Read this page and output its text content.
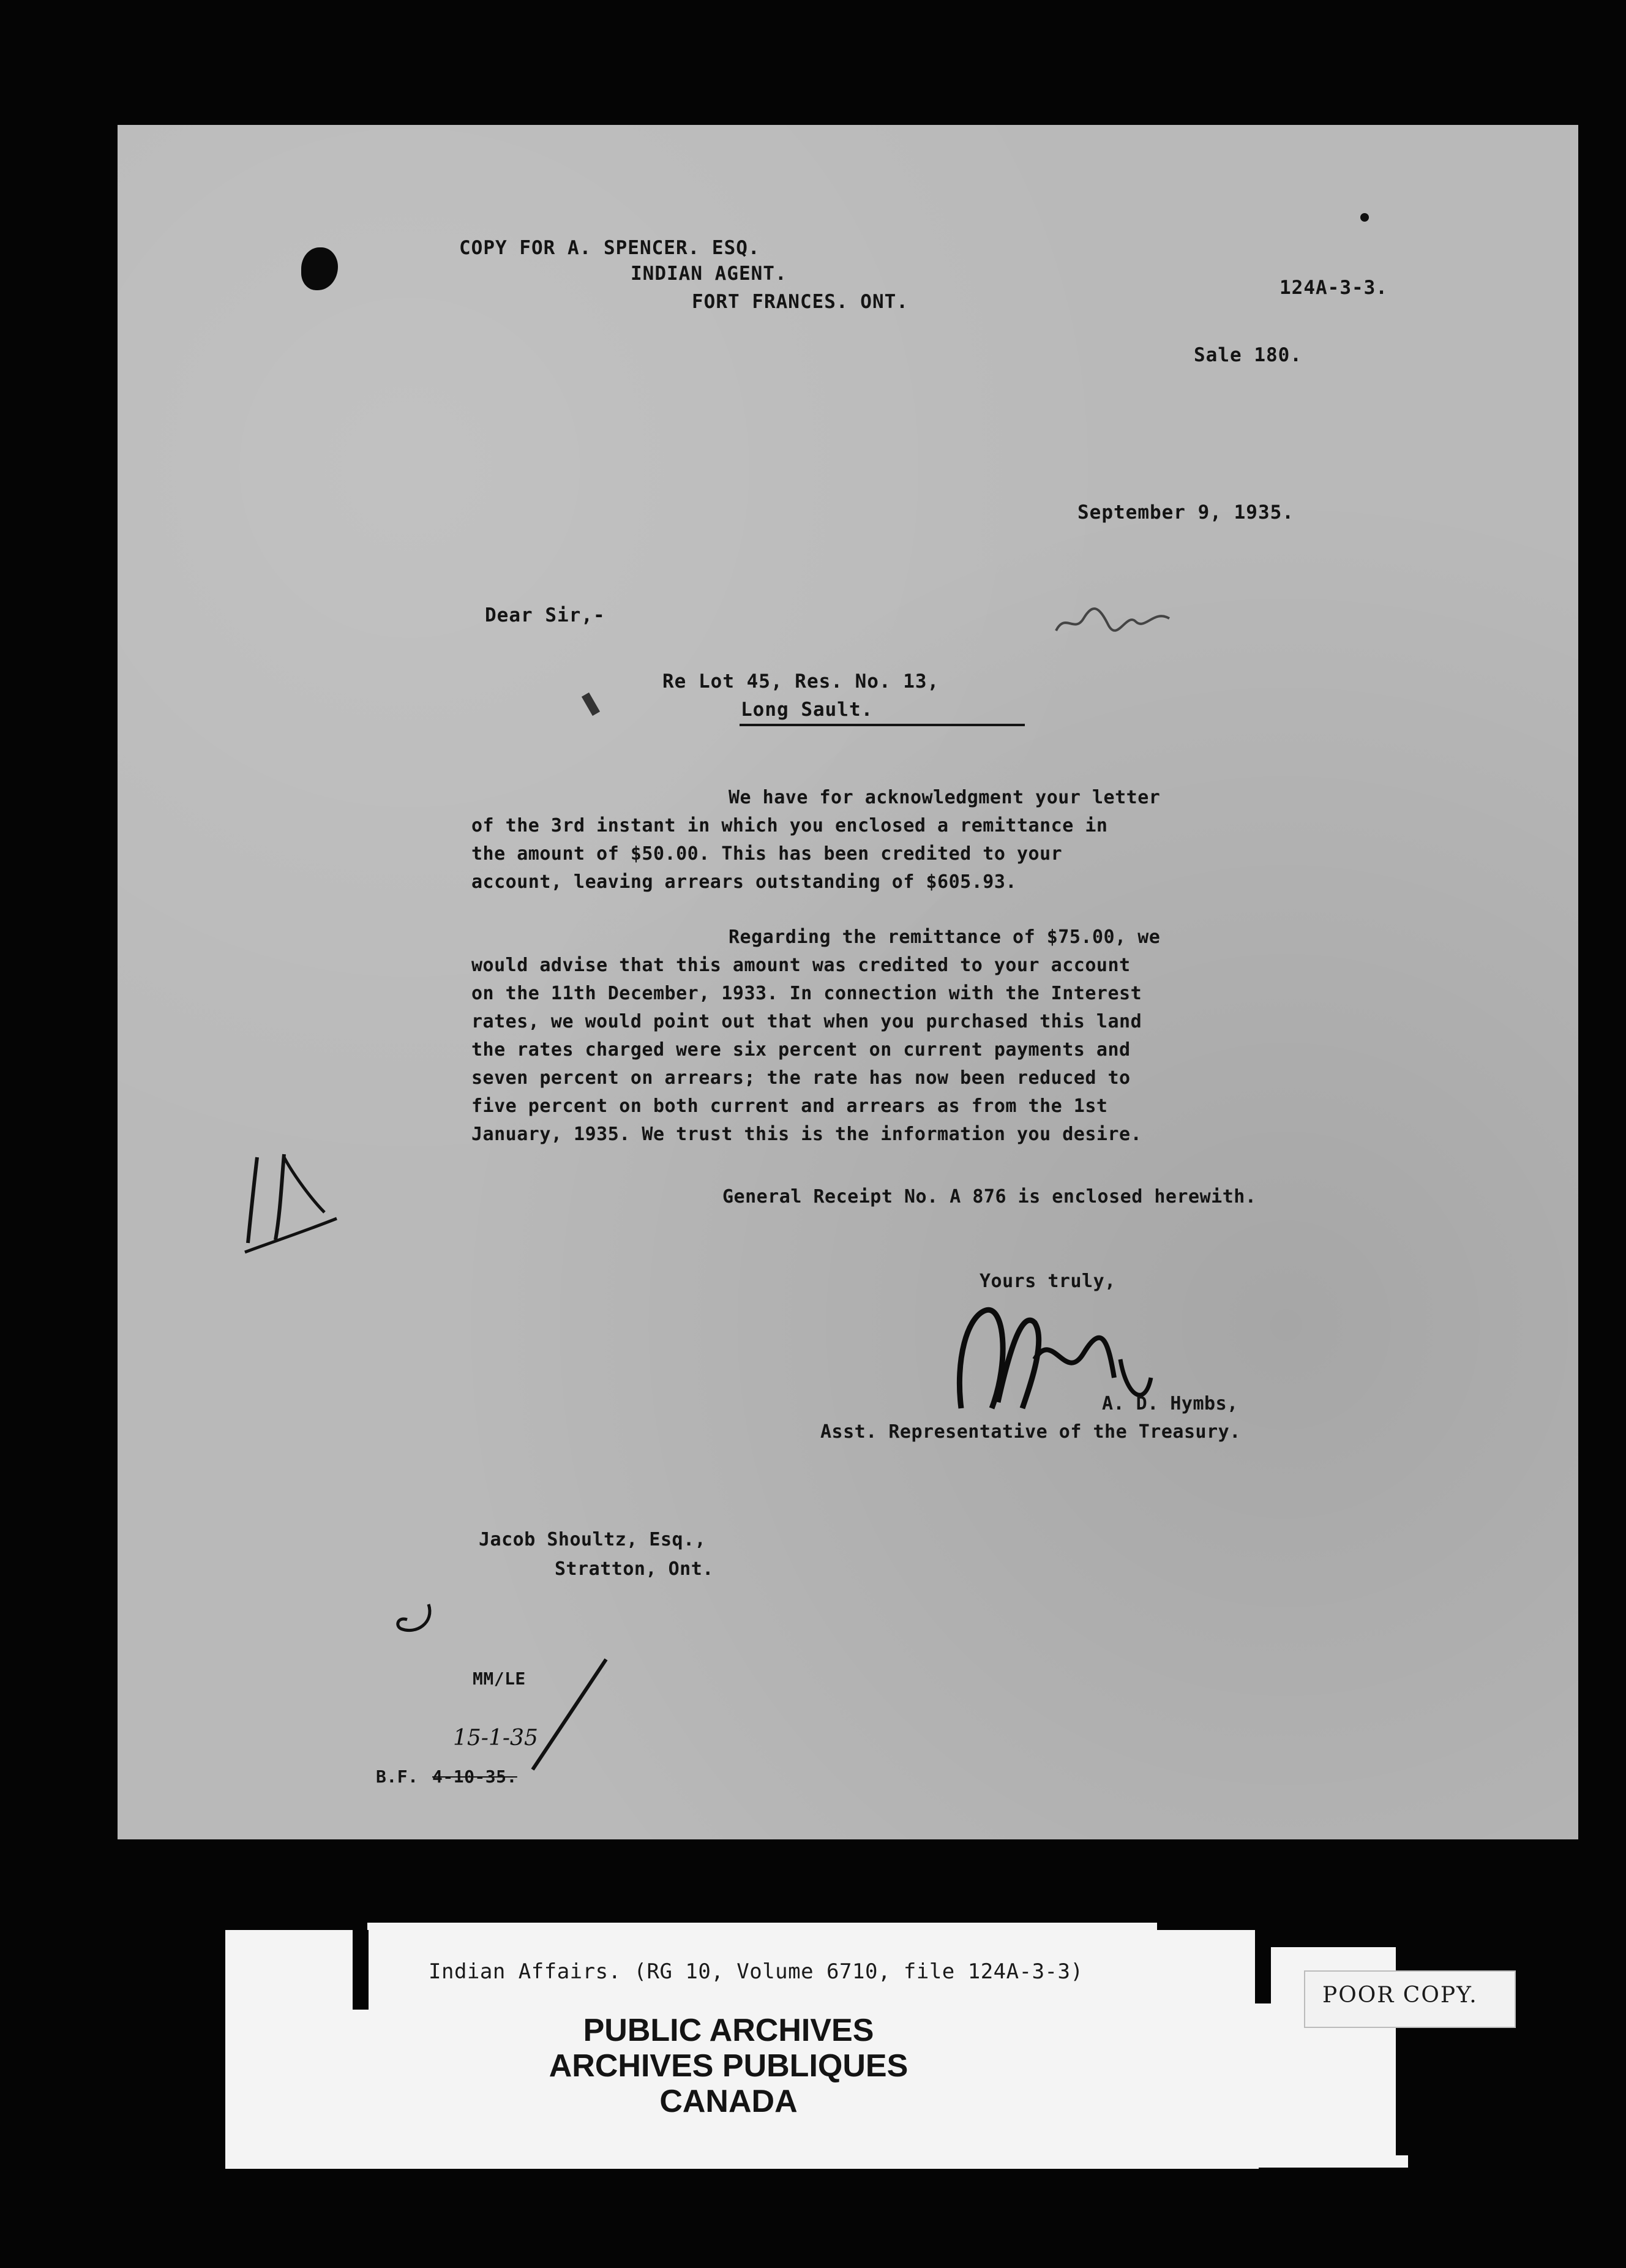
COPY FOR A. SPENCER. ESQ.
INDIAN AGENT.
FORT FRANCES. ONT.
124A-3-3.
Sale 180.
September 9, 1935.
Dear Sir,-
Re Lot 45, Res. No. 13,
Long Sault.
We have for acknowledgment your letter
of the 3rd instant in which you enclosed a remittance in
the amount of $50.00. This has been credited to your
account, leaving arrears outstanding of $605.93.
Regarding the remittance of $75.00, we
would advise that this amount was credited to your account
on the 11th December, 1933. In connection with the Interest
rates, we would point out that when you purchased this land
the rates charged were six percent on current payments and
seven percent on arrears; the rate has now been reduced to
five percent on both current and arrears as from the 1st
January, 1935. We trust this is the information you desire.
General Receipt No. A 876 is enclosed herewith.
Yours truly,
A. D. Hymbs,
Asst. Representative of the Treasury.
Jacob Shoultz, Esq.,
Stratton, Ont.
MM/LE
15-1-35
B.F. 4-10-35.
Indian Affairs. (RG 10, Volume 6710, file 124A-3-3)
PUBLIC ARCHIVES
ARCHIVES PUBLIQUES
CANADA
POOR COPY.
